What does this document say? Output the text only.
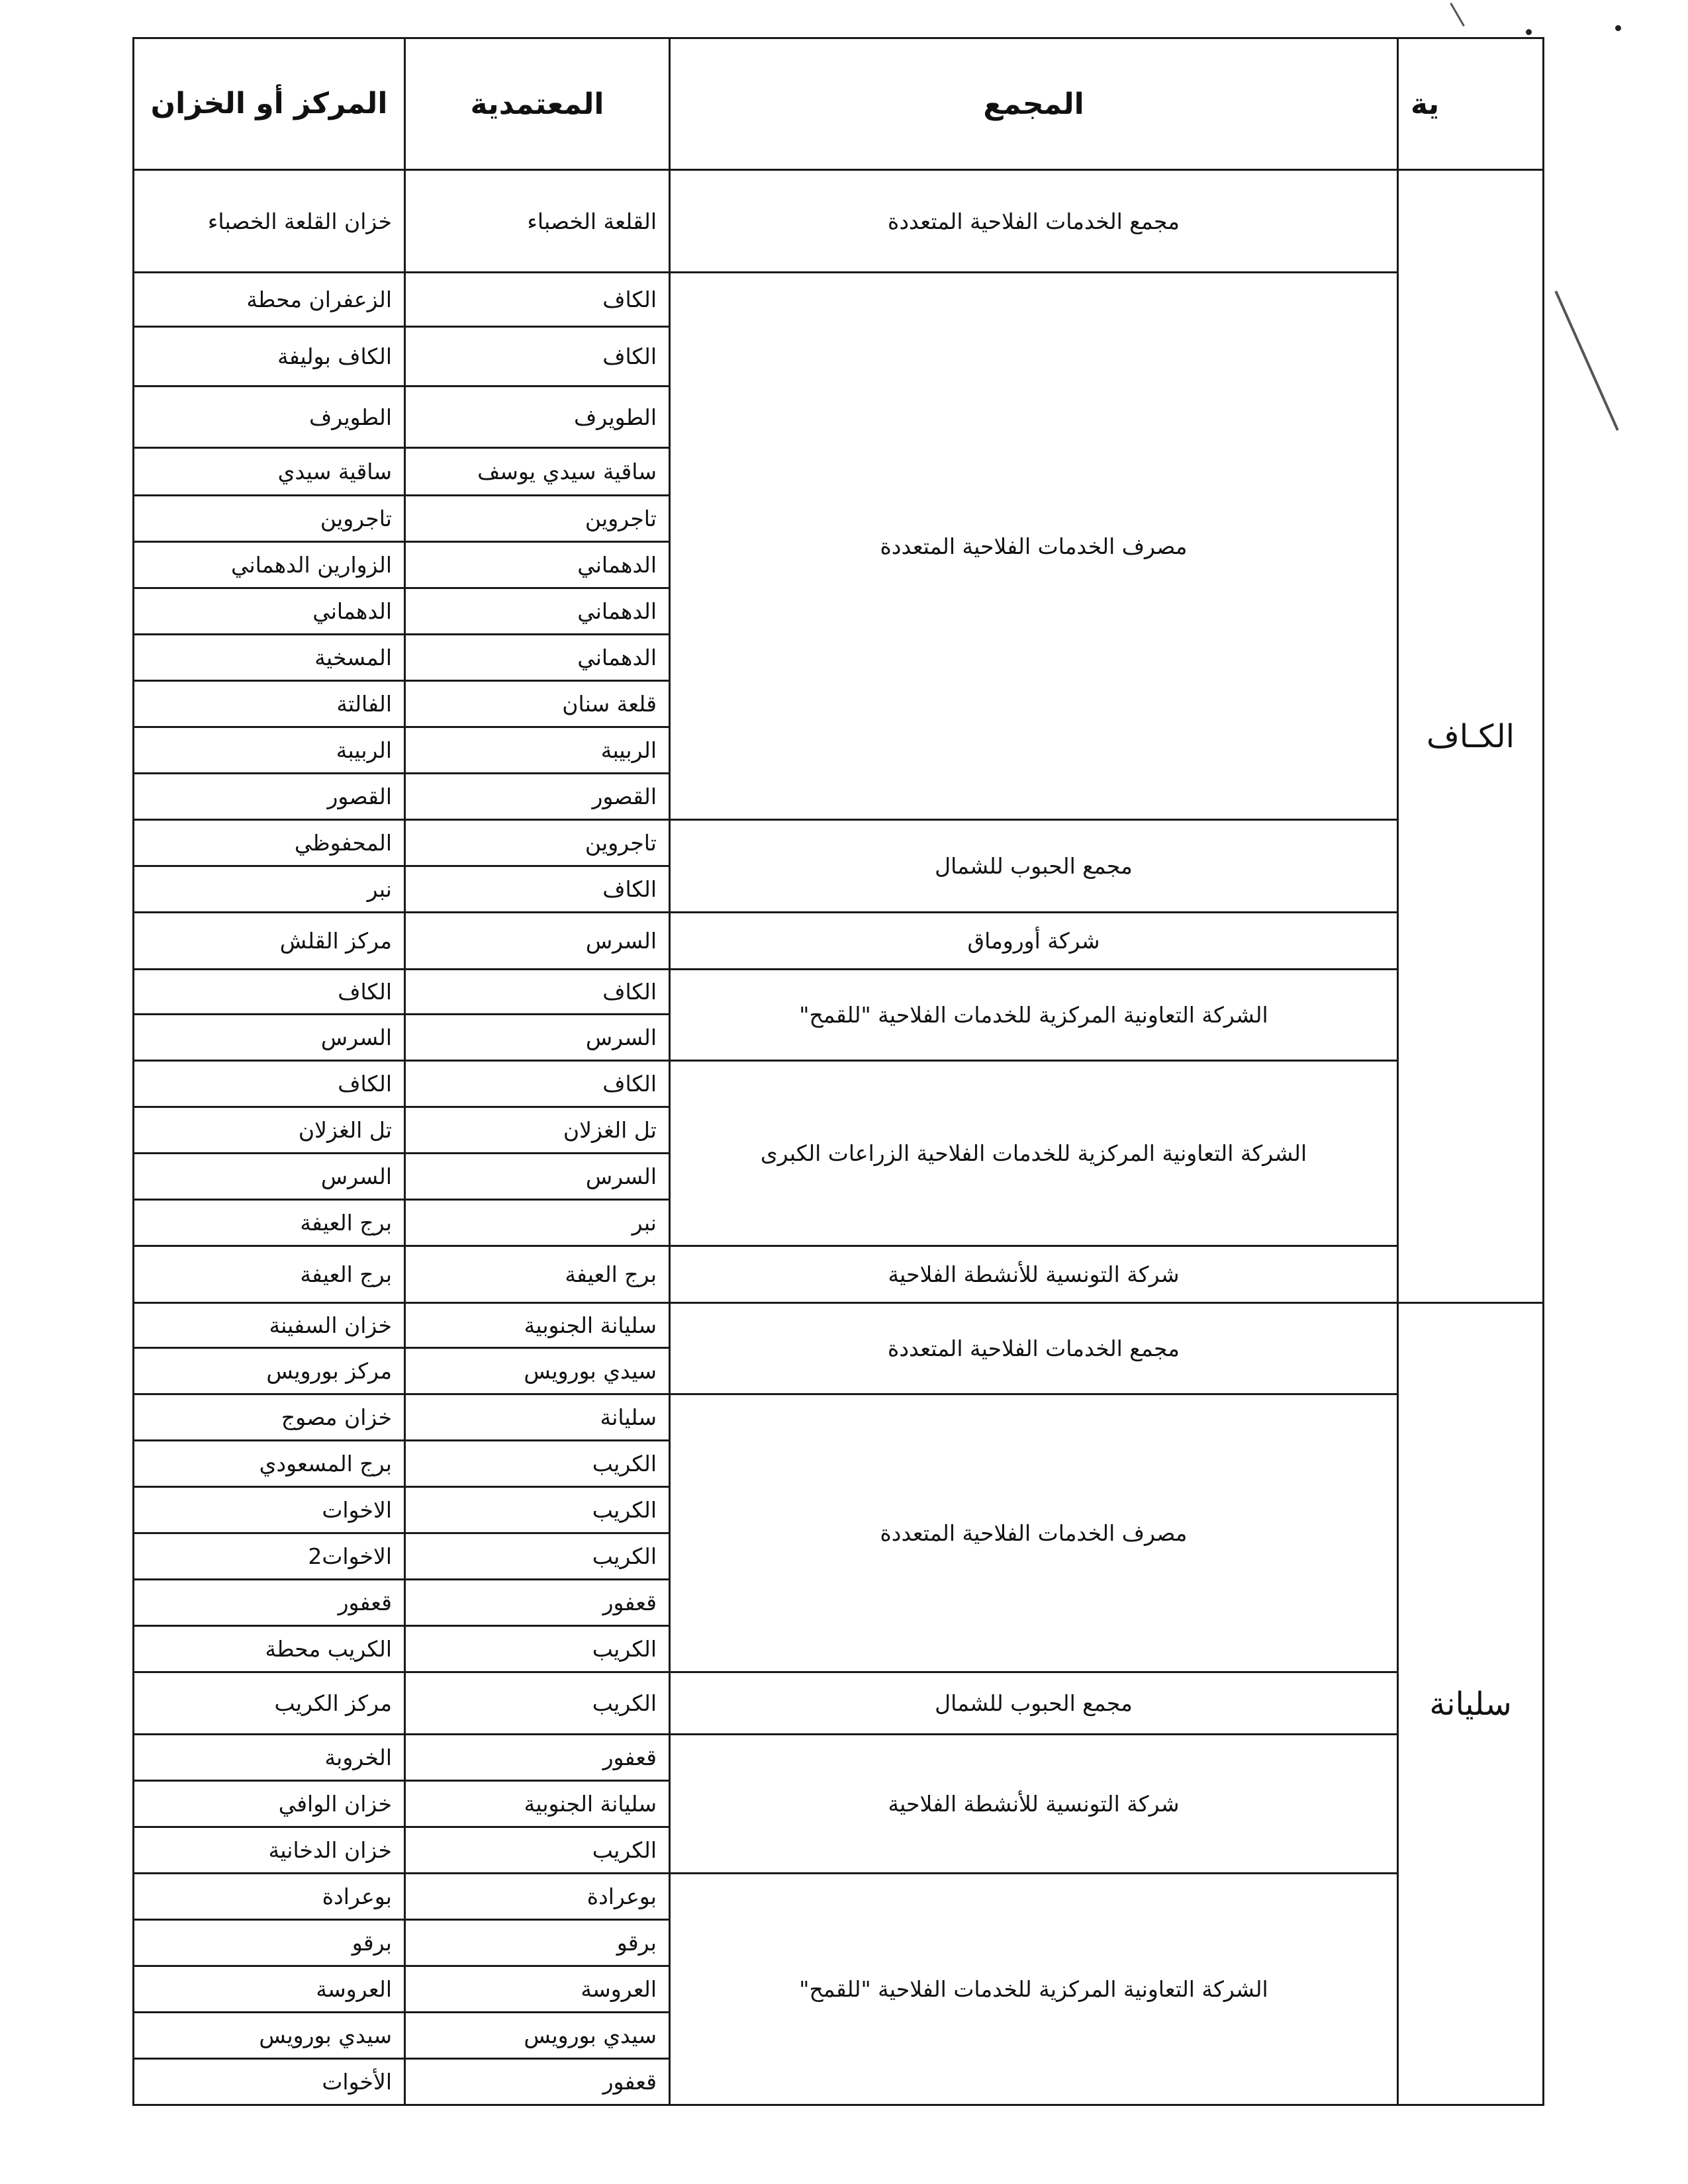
ية	المجمع	المعتمدية	المركز أو الخزان
الكـاف	مجمع الخدمات الفلاحية المتعددة	القلعة الخصباء	خزان القلعة الخصباء
	مصرف الخدمات الفلاحية المتعددة	الكاف	الزعفران محطة
		الكاف	الكاف بوليفة
		الطويرف	الطويرف
		ساقية سيدي يوسف	ساقية سيدي
		تاجروين	تاجروين
		الدهماني	الزوارين الدهماني
		الدهماني	الدهماني
		الدهماني	المسخية
		قلعة سنان	الفالتة
		الربيبة	الربيبة
		القصور	القصور
	مجمع الحبوب للشمال	تاجروين	المحفوظي
		الكاف	نبر
	شركة أوروماق	السرس	مركز القلش
	الشركة التعاونية المركزية للخدمات الفلاحية "للقمح"	الكاف	الكاف
		السرس	السرس
	الشركة التعاونية المركزية للخدمات الفلاحية الزراعات الكبرى	الكاف	الكاف
		تل الغزلان	تل الغزلان
		السرس	السرس
		نبر	برج العيفة
	شركة التونسية للأنشطة الفلاحية	برج العيفة	برج العيفة
سليانة	مجمع الخدمات الفلاحية المتعددة	سليانة الجنوبية	خزان السفينة
		سيدي بورويس	مركز بورويس
	مصرف الخدمات الفلاحية المتعددة	سليانة	خزان مصوج
		الكريب	برج المسعودي
		الكريب	الاخوات
		الكريب	الاخوات2
		قعفور	قعفور
		الكريب	الكريب محطة
	مجمع الحبوب للشمال	الكريب	مركز الكريب
	شركة التونسية للأنشطة الفلاحية	قعفور	الخروبة
		سليانة الجنوبية	خزان الوافي
		الكريب	خزان الدخانية
	الشركة التعاونية المركزية للخدمات الفلاحية "للقمح"	بوعرادة	بوعرادة
		برقو	برقو
		العروسة	العروسة
		سيدي بورويس	سيدي بورويس
		قعفور	الأخوات
